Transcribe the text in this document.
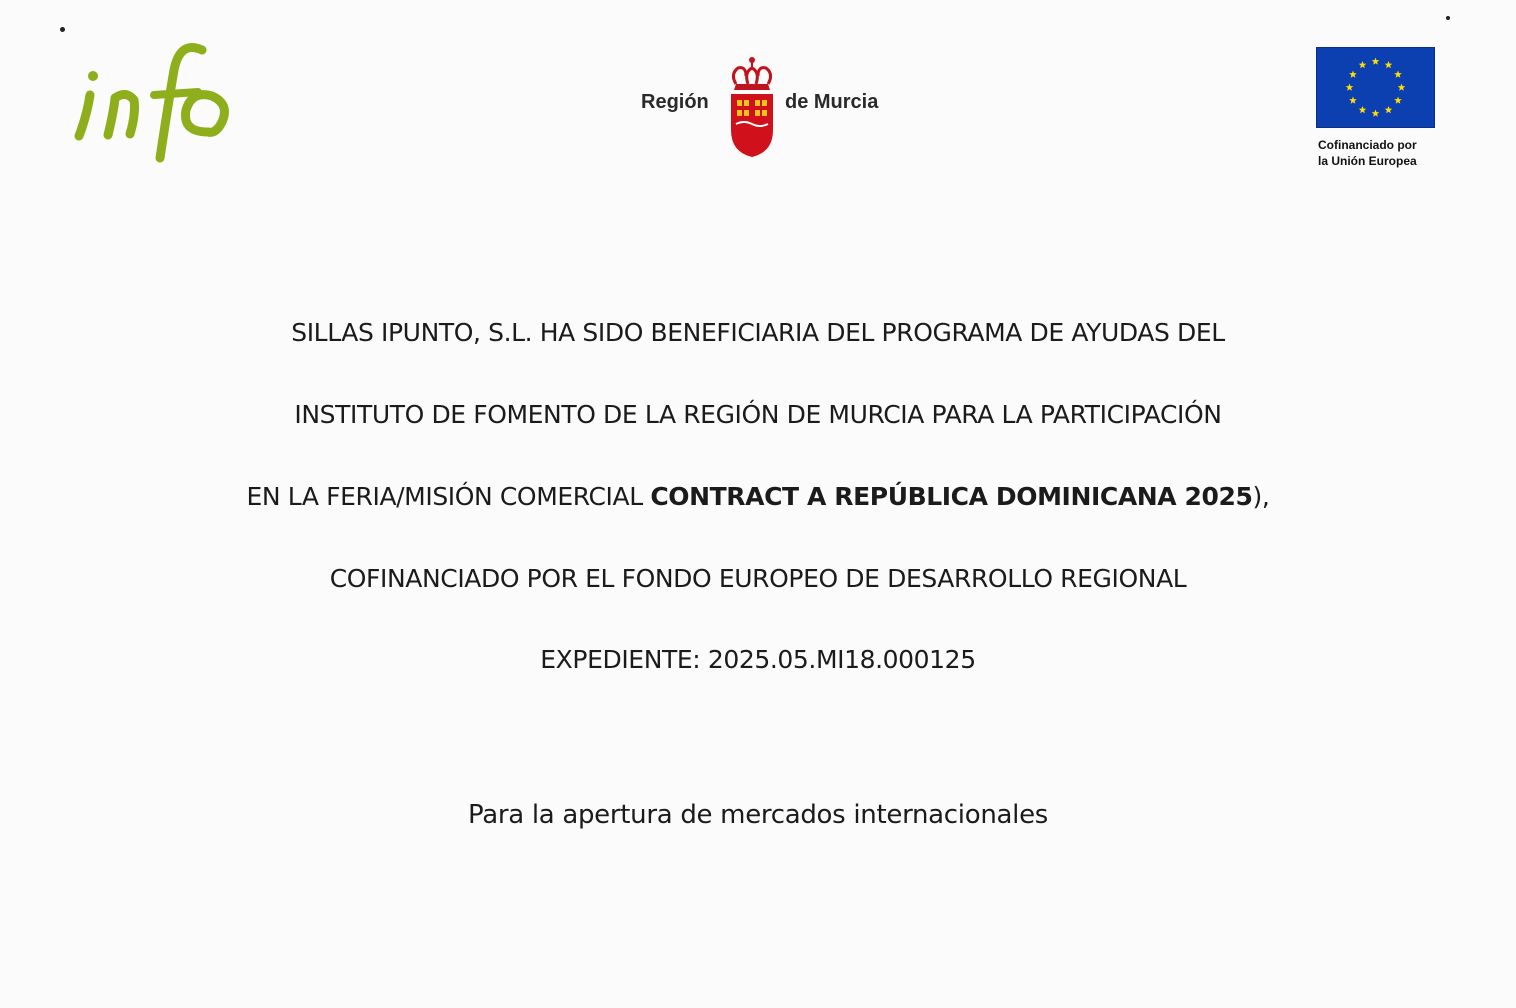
Región	de Murcia
Cofinanciado por
la Unión Europea
SILLAS IPUNTO, S.L. HA SIDO BENEFICIARIA DEL PROGRAMA DE AYUDAS DEL
INSTITUTO DE FOMENTO DE LA REGIÓN DE MURCIA PARA LA PARTICIPACIÓN
EN LA FERIA/MISIÓN COMERCIAL CONTRACT A REPÚBLICA DOMINICANA 2025),
COFINANCIADO POR EL FONDO EUROPEO DE DESARROLLO REGIONAL
EXPEDIENTE: 2025.05.MI18.000125
Para la apertura de mercados internacionales
